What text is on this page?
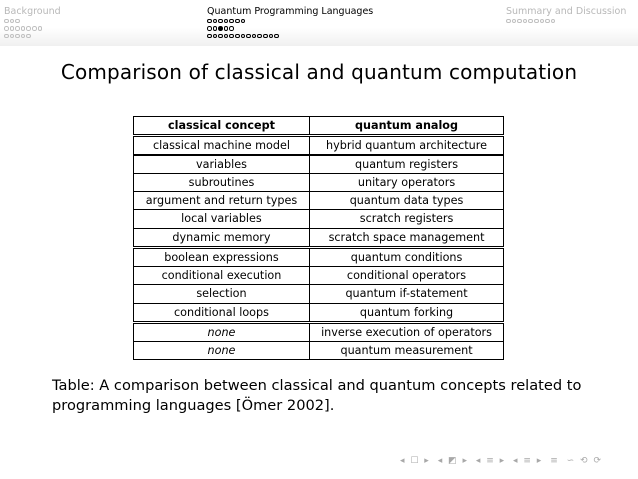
Background	Quantum Programming Languages	Summary and Discussion
Comparison of classical and quantum computation
classical concept	quantum analog
classical machine model	hybrid quantum architecture
variables	quantum registers
subroutines	unitary operators
argument and return types	quantum data types
local variables	scratch registers
dynamic memory	scratch space management
boolean expressions	quantum conditions
conditional execution	conditional operators
selection	quantum if-statement
conditional loops	quantum forking
none	inverse execution of operators
none	quantum measurement
Table: A comparison between classical and quantum concepts related to programming languages [Ömer 2002].
◂ ☐ ▸ ◂ ◩ ▸ ◂ ≡ ▸ ◂ ≡ ▸ ≡ ∽ ⟲ ⟳
